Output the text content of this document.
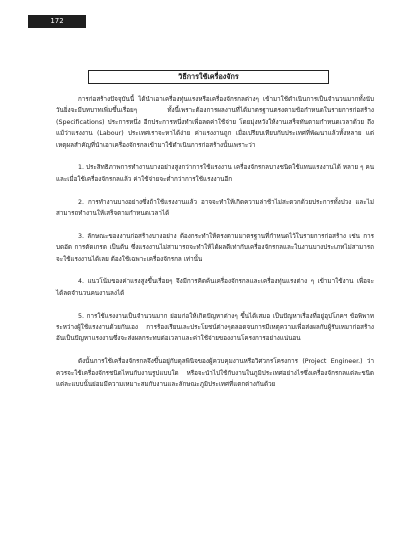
172
วิธีการใช้เครื่องจักร

การก่อสร้างปัจจุบันนี้ ได้นำเอาเครื่องทุ่นแรงหรือเครื่องจักรกลต่างๆ เข้ามาใช้ดำเนินการเป็นจำนวนมากทั้งนับวันยิ่งจะมีบทบาทเพิ่มขึ้นเรื่อยๆ ทั้งนี้เพราะต้องการผลงานที่ได้มาตรฐานตรงตามข้อกำหนดในรายการก่อสร้าง (Specifications) ประการหนึ่ง อีกประการหนึ่งทำเพื่อลดค่าใช้จ่าย โดยมุ่งหวังให้งานเสร็จทันตามกำหนดเวลาด้วย ถึงแม้ว่าแรงงาน (Labour) ประเทศเราจะหาได้ง่าย ค่าแรงงานถูก เมื่อเปรียบเทียบกับประเทศที่พัฒนาแล้วทั้งหลาย แต่เหตุผลสำคัญที่นำเอาเครื่องจักรกลเข้ามาใช้ดำเนินการก่อสร้างนั้นเพราะว่า

1. ประสิทธิภาพการทำงานบางอย่างสูงกว่าการใช้แรงงาน เครื่องจักรกลบางชนิดใช้แทนแรงงานได้ หลาย ๆ คน และเมื่อใช้เครื่องจักรกลแล้ว ค่าใช้จ่ายจะต่ำกว่าการใช้แรงงานอีก

2. การทำงานบางอย่างซึ่งถ้าใช้แรงงานแล้ว อาจจะทำให้เกิดความล่าช้าไม่สะดวกด้วยประการทั้งปวง และไม่สามารถทำงานให้เสร็จตามกำหนดเวลาได้

3. ลักษณะของงานก่อสร้างบางอย่าง ต้องกระทำให้ตรงตามมาตรฐานที่กำหนดไว้ในรายการก่อสร้าง เช่น การบดอัด การตัดเกรด เป็นต้น ซึ่งแรงงานไม่สามารถจะทำให้ได้ผลดีเท่ากับเครื่องจักรกลและในงานบางประเภทไม่สามารถจะใช้แรงงานได้เลย ต้องใช้เฉพาะเครื่องจักรกล เท่านั้น

4. แนวโน้มของค่าแรงสูงขึ้นเรื่อยๆ จึงมีการคิดค้นเครื่องจักรกลและเครื่องทุ่นแรงต่าง ๆ เข้ามาใช้งาน เพื่อจะได้ลดจำนวนคนงานลงได้

5. การใช้แรงงานเป็นจำนวนมาก ย่อมก่อให้เกิดปัญหาต่างๆ ขึ้นได้เสมอ เป็นปัญหาเรื่องที่อยู่อุปโภคฯ ข้อพิพาทระหว่างผู้ใช้แรงงานด้วยกันเอง การร้องเรียนเละประโยชน์ต่างๆตลอดจนการมีเหตุความเพื่อส่งผลกับผู้รับเหมาก่อสร้าง อันเป็นปัญหาแรงงานซึ่งจะส่งผลกระทบต่อเวลาและค่าใช้จ่ายของงานโครงการอย่างแน่นอน

ดังนั้นการใช้เครื่องจักรกลจึงขึ้นอยู่กับดุลพินิจของผู้ควบคุมงานหรือวิศวกรโครงการ (Project Engineer.) ว่าควรจะใช้เครื่องจักรชนิดไหนกับงานรูปแบบใด หรือจะนำไปใช้กับงานในภูมิประเทศอย่างไรซึ่งเครื่องจักรกลแต่ละชนิด แต่ละแบบนั้นย่อมมีความเหมาะสมกับงานและลักษณะภูมิประเทศที่แตกต่างกันด้วย
